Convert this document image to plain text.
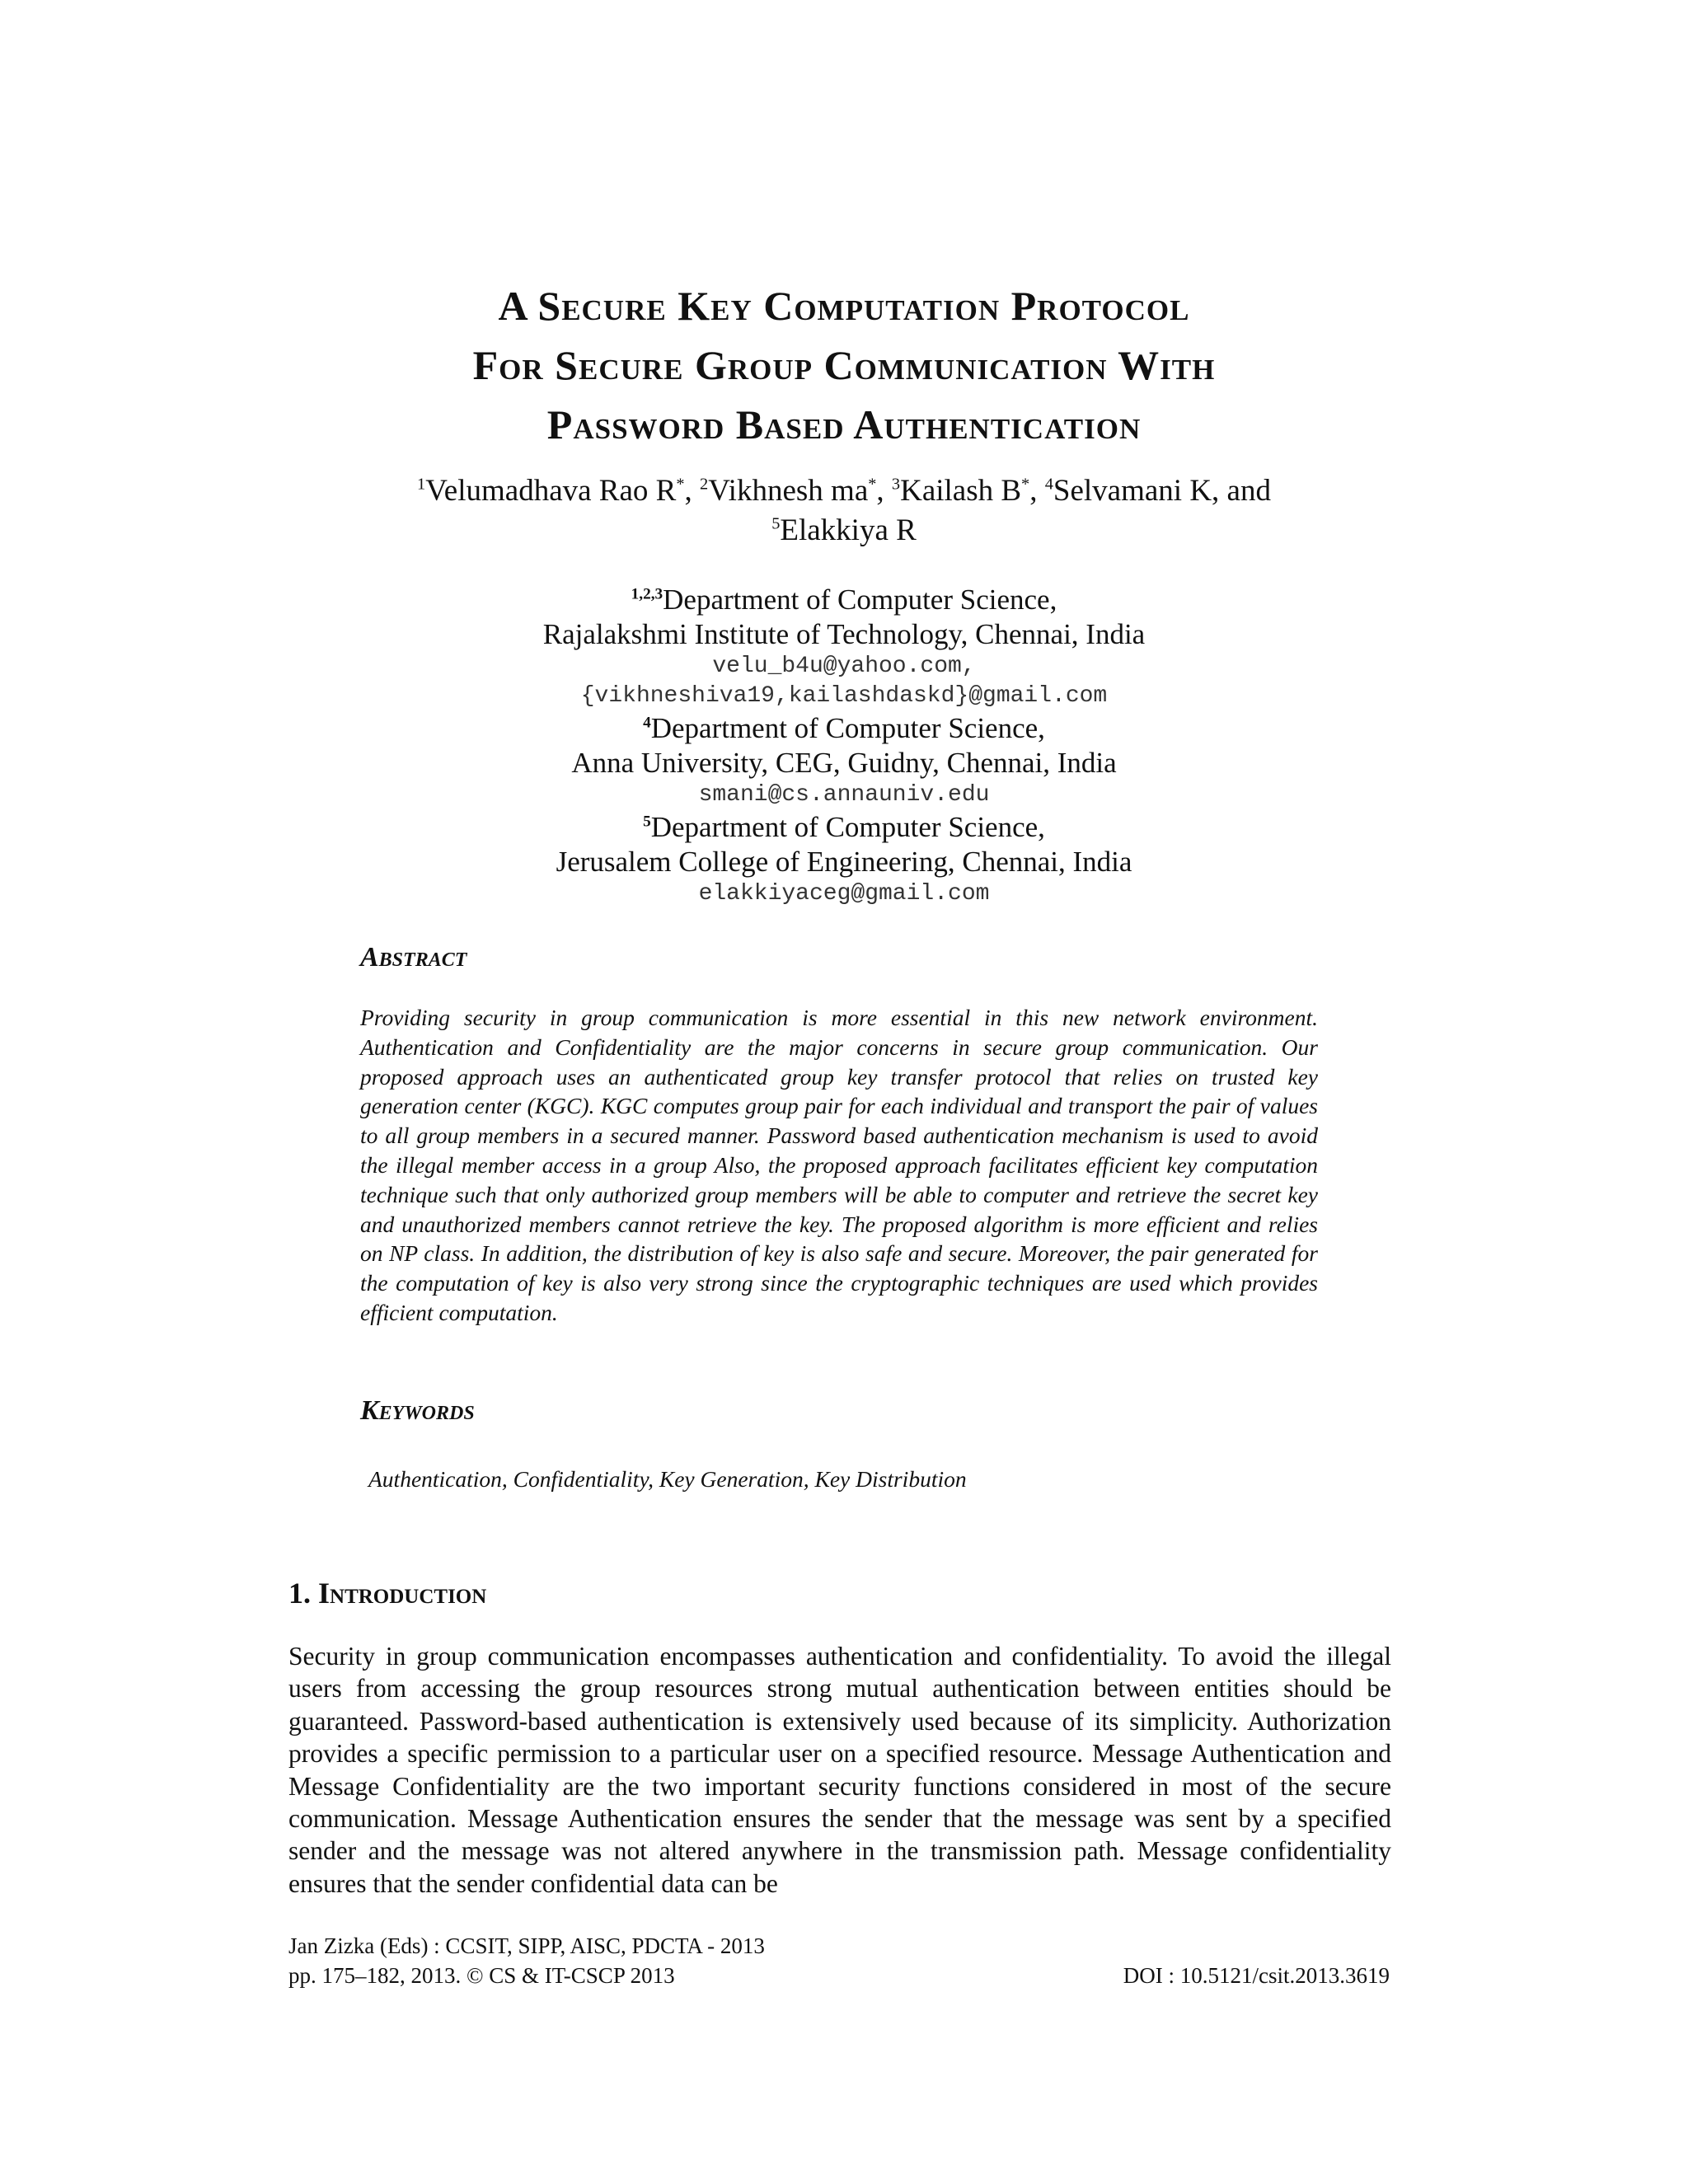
A Secure Key Computation Protocol
For Secure Group Communication With
Password Based Authentication
$^1$Velumadhava Rao R*, $^2$Vikhnesh ma*, $^3$Kailash B*, $^4$Selvamani K, and
$^5$Elakkiya R
$^{1,2,3}$Department of Computer Science,
Rajalakshmi Institute of Technology, Chennai, India
velu_b4u@yahoo.com,
{vikhneshiva19,kailashdaskd}@gmail.com
$^4$Department of Computer Science,
Anna University, CEG, Guidny, Chennai, India
smani@cs.annauniv.edu
$^5$Department of Computer Science,
Jerusalem College of Engineering, Chennai, India
elakkiyaceg@gmail.com
Abstract
Providing security in group communication is more essential in this new network environment. Authentication and Confidentiality are the major concerns in secure group communication. Our proposed approach uses an authenticated group key transfer protocol that relies on trusted key generation center (KGC). KGC computes group pair for each individual and transport the pair of values to all group members in a secured manner. Password based authentication mechanism is used to avoid the illegal member access in a group Also, the proposed approach facilitates efficient key computation technique such that only authorized group members will be able to computer and retrieve the secret key and unauthorized members cannot retrieve the key. The proposed algorithm is more efficient and relies on NP class. In addition, the distribution of key is also safe and secure. Moreover, the pair generated for the computation of key is also very strong since the cryptographic techniques are used which provides efficient computation.
Keywords
Authentication, Confidentiality, Key Generation, Key Distribution
1. Introduction
Security in group communication encompasses authentication and confidentiality. To avoid the illegal users from accessing the group resources strong mutual authentication between entities should be guaranteed. Password-based authentication is extensively used because of its simplicity. Authorization provides a specific permission to a particular user on a specified resource. Message Authentication and Message Confidentiality are the two important security functions considered in most of the secure communication. Message Authentication ensures the sender that the message was sent by a specified sender and the message was not altered anywhere in the transmission path. Message confidentiality ensures that the sender confidential data can be
Jan Zizka (Eds) : CCSIT, SIPP, AISC, PDCTA - 2013
pp. 175–182, 2013. © CS & IT-CSCP 2013	DOI : 10.5121/csit.2013.3619
